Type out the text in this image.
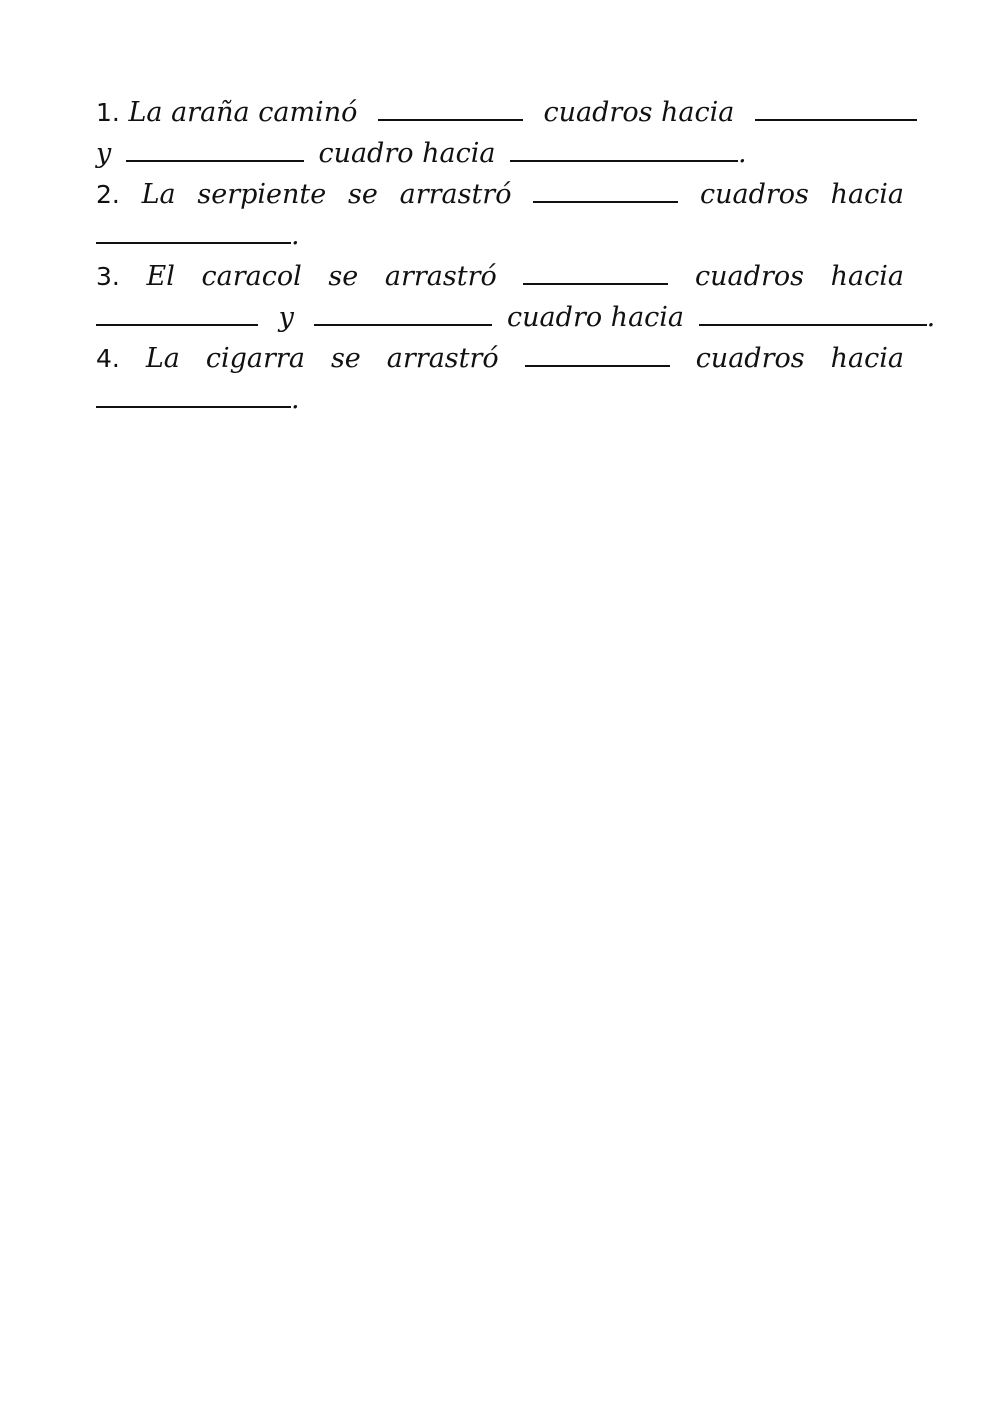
1. La araña caminó	cuadros hacia
y	cuadro hacia	.
2. La serpiente se arrastró	cuadros hacia
.
3. El caracol se arrastró	cuadros hacia
y	cuadro hacia	.
4. La cigarra se arrastró	cuadros hacia
.
